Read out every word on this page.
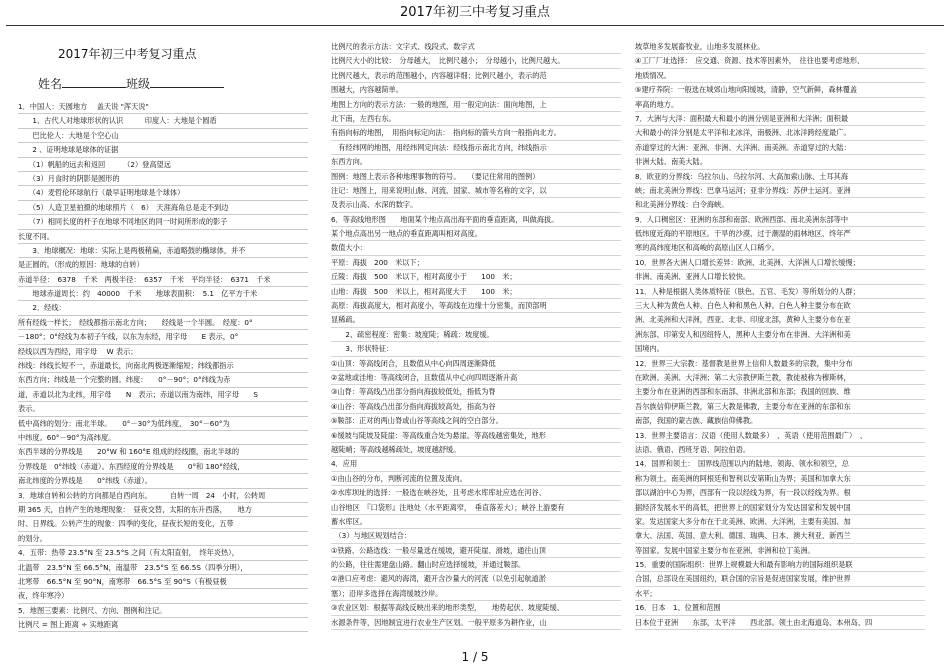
2017年初三中考复习重点
2017年初三中考复习重点
姓名	班级
1．中国人：天圆地方　 盖天说 "浑天说"
　　1、古代人对地球形状的认识　　　印度人：大地是个圆盾
　　巴比伦人：大地是个空心山
　　2 、证明地球是球体的证据
　　（1）帆船的远去和返回　　　（2）登高望远
　　（3）月食时的阴影是圆形的
　　（4）麦哲伦环球航行（最早证明地球是个球体）
　　（5）人造卫星拍摄的地球照片（　6）　天涯海角总是走不到边
　　（7）相同长度的杆子在地球不同地区的同一时间所形成的影子
长度不同。
　　3．地球概况：地球：实际上是两极稍扁，赤道略鼓的椭球体，并不
是正圆的。（形成的原因：地球的自转）
赤道半径：　6378　千米　两极半径：　6357　千米　平均半径：　6371　千米
　　地球赤道周长：约　40000　千米　　地球表面积：　5.1　亿平方千米
　　2．经线：
所有经线一样长；　经线都指示南北方向；　　经线是一个半圆。　经度：0°
－180°；0°经线为本初子午线，以东为东经，用字母　　E 表示，0°
经线以西为西经，用字母　 W 表示；
纬线：纬线长短不一，赤道最长，向南北两极逐渐缩短；纬线都指示
东西方向；纬线是一个完整的圆。纬度：　　0°－90°；0°纬线为赤
道，赤道以北为北纬，用字母　　N　表示；赤道以南为南纬，用字母　　S
表示。
低中高纬的划分：南北半球。　　0°－30°为低纬度，　30°－60°为
中纬度。60°－90°为高纬度。
东西半球的分界线是　　20°W 和 160°E 组成的经线圈，南北半球的
分界线是　0°纬线（赤道）。东西经度的分界线是　　0°和 180°经线，
南北纬度的分界线是　　0°纬线（赤道）。
3．地球自转和公转的方向都是自西向东。　　　自转一周　24　小时，公转周
期 365 天，自转产生的地理现象：　昼夜交替，太阳的东升西落，　　地方
时、日界线。公转产生的现象：四季的变化，昼夜长短的变化，五带
的划分。
4．五带：热带 23.5°N 至 23.5°S 之间（有太阳直射，　终年炎热），
北温带　23.5°N 至 66.5°N，南温带　23.5°S 至 66.5S（四季分明），
北寒带　66.5°N 至 90°N，南寒带　66.5°S 至 90°S（有极昼极
夜，终年寒冷）
5．地图三要素：比例尺、方向、图例和注记。
比例尺 = 图上距离 ÷ 实地距离
比例尺的表示方法：文字式、线段式、数字式
比例尺大小的比较：　分母越大，　比例尺越小；　分母越小，比例尺越大。
比例尺越大，表示的范围越小，内容越详细；比例尺越小，表示的范
围越大，内容越简单。
地图上方向的表示方法：一般的地图，用一般定向法：面向地图，上
北下南，左西右东。
有指向标的地图，　用指向标定向法：　指向标的箭头方向一般指向北方。
　有经纬网的地图，用经纬网定向法：经线指示南北方向，纬线指示
东西方向。
图例：地图上表示各种地理事物的符号。　　（要记住常用的图例）
注记：地图上，用来说明山脉、河流、国家、城市等名称的文字，以
及表示山高、水深的数字。
6．等高线地形图　　地面某个地点高出海平面的垂直距离，叫做海拔。
某个地点高出另一地点的垂直距离叫相对高度。
数值大小：
平原：海拔　200　米以下；
丘陵：海拔　500　米以下，相对高度小于　　100　米；
山地：海拔　500　米以上，相对高度大于　　100　米；
高原：海拔高度大，相对高度小，等高线在边缘十分密集，而顶部明
显稀疏。
　　2、疏密程度：密集：坡度陡；稀疏：坡度缓。
　　3、形状特征：
①山顶：等高线闭合，且数值从中心向四周逐渐降低
②盆地或洼地：等高线闭合，且数值从中心向四周逐渐升高
③山脊：等高线凸出部分指向海拔较低处，指低为脊
④山谷：等高线凸出部分指向海拔较高处，指高为谷
⑤鞍部：正对的两山脊或山谷等高线之间的空白部分。
⑥缓坡与陡坡及陡崖：等高线重合处为悬崖。等高线越密集处，地形
越陡峭；等高线越稀疏处，坡度越舒缓。
4．应用
①由山谷的分布，判断河流的位置及流向。
②水库坝址的选择：一般选在峡谷处，且考虑水库库址应选在河谷、
山谷地区　『口袋形』注地处（水平距离窄，　垂直落差大）；峡谷上游要有
蓄水库区。
　（3）与地区规划结合：
①铁路、公路选线：一般尽量选在缓坡，避开陡崖、滑坡，通往山顶
的公路，往往需建盘山路。翻山时应选择缓坡，并通过鞍部。
②港口应考虑：避风的海湾，避开含沙量大的河流（以免引起航道淤
塞）；沿岸多选择在海湾缓坡沙岸。
③农业区划：根据等高线反映出来的地形类型，　　地势起伏、坡度陡缓、
水源条件等，因地制宜进行农业生产区划。一般平原多为耕作业，山
坡草地多发展畜牧业，山地多发展林业。
④工厂厂址选择：　应交通、资源、技术等因素外，　往往也要考虑地形、
地质情况。
⑤建疗养院：一般选在城郊山地向阳缓坡，清静，空气新鲜，森林覆盖
率高的地方。
7．大洲与大洋：面积最大和最小的洲分别是亚洲和大洋洲；面积最
大和最小的洋分别是太平洋和北冰洋，南极洲、北冰洋跨经度最广。
赤道穿过的大洲：亚洲、非洲、大洋洲、南美洲。赤道穿过的大陆：
非洲大陆、南美大陆。
8．欧亚的分界线：乌拉尔山、乌拉尔河、大高加索山脉、土耳其海
峡；南北美洲分界线：巴拿马运河；亚非分界线：苏伊士运河。亚洲
和北美洲分界线：白令海峡。
9．人口稠密区：亚洲的东部和南部、欧洲西部、南北美洲东部等中
低纬度近海的平原地区。干旱的沙漠、过于潮湿的雨林地区、终年严
寒的高纬度地区和高峻的高原山区人口稀少。
10．世界各大洲人口增长差异：欧洲、北美洲、大洋洲人口增长缓慢；
非洲、南美洲、亚洲人口增长较快。
11．人种是根据人类体质特征（肤色、五官、毛发）等所划分的人群；
三大人种为黄色人种、白色人种和黑色人种。白色人种主要分布在欧
洲、北美洲和大洋洲，西亚、北非、印度北部，黄种人主要分布在亚
洲东部、印第安人和因纽特人，黑种人主要分布在非洲、大洋洲和美
国境内。
12．世界三大宗教：基督教是世界上信仰人数最多的宗教，集中分布
在欧洲、美洲、大洋洲；第二大宗教伊斯兰教，教徒被称为穆斯林，
主要分布在亚洲的西部和东南部、非洲北部和东部；我国的回族、维
吾尔族信仰伊斯兰教，第三大教是佛教，主要分布在亚洲的东部和东
南部，我国的蒙古族、藏族信仰佛教。
13．世界主要语言：汉语（使用人数最多）　、英语（使用范围最广）　、
法语、俄语、西班牙语、阿拉伯语。
14．国界和领土：　国界线范围以内的陆地、领海、领水和领空，总
称为领土。南美洲的阿根廷和智利以安第斯山为界；美国和加拿大东
部以湖泊中心为界，西部有一段以经线为界，有一段以经线为界。根
据经济发展水平的高低，把世界上的国家划分为发达国家和发展中国
家。发达国家大多分布在于北美洲、欧洲、大洋洲，主要有美国、加
拿大、法国、英国、意大利、德国、瑞典、日本、澳大利亚、新西兰
等国家。发展中国家主要分布在亚洲、非洲和拉丁美洲。
15．重要的国际组织：世界上规模最大和最有影响力的国际组织是联
合国，总部设在美国纽约，联合国的宗旨是促进国家发展，维护世界
水平；
16．日本　1、位置和范围
日本位于亚洲　　东部，太平洋　　西北部。领土由北海道岛、本州岛、四
1 / 5
